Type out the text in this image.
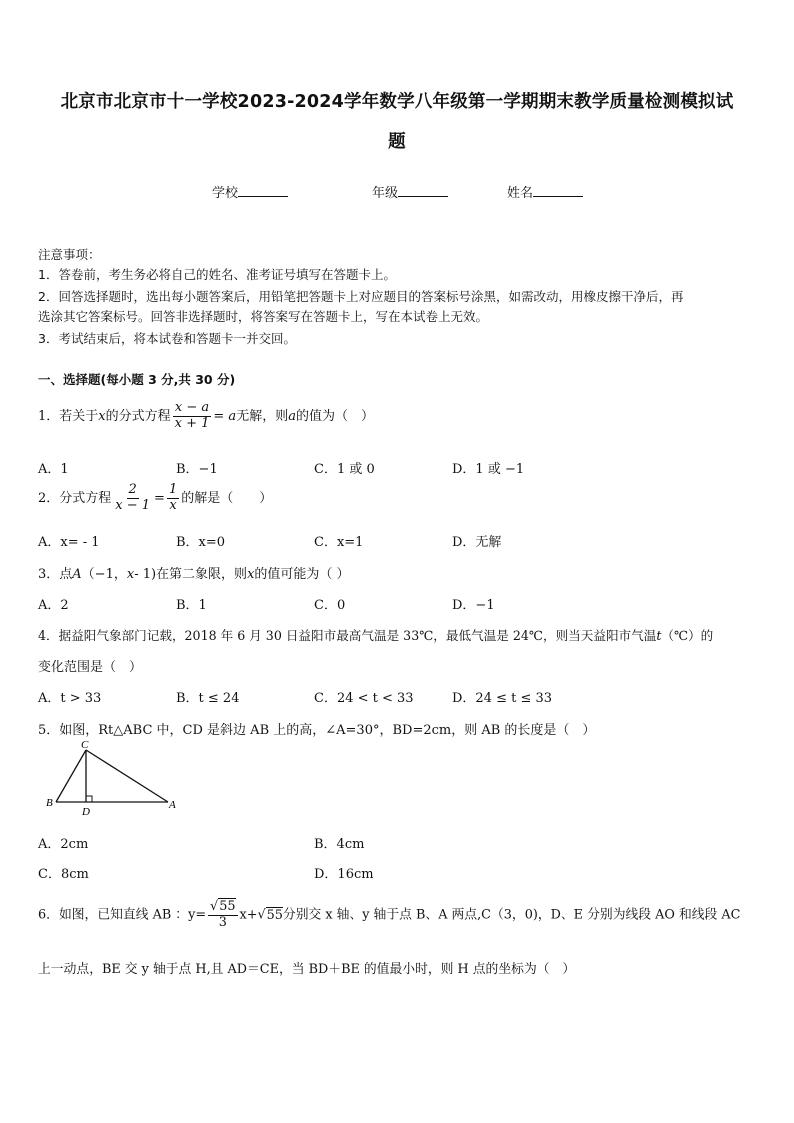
北京市北京市十一学校2023-2024学年数学八年级第一学期期末教学质量检测模拟试
题
学校	年级	姓名
注意事项：
1．答卷前，考生务必将自己的姓名、准考证号填写在答题卡上。
2．回答选择题时，选出每小题答案后，用铅笔把答题卡上对应题目的答案标号涂黑，如需改动，用橡皮擦干净后，再
选涂其它答案标号。回答非选择题时，将答案写在答题卡上，写在本试卷上无效。
3．考试结束后，将本试卷和答题卡一并交回。
一、选择题(每小题 3 分,共 30 分)
1．若关于x的分式方程 $\frac{x - a}{x + 1} = a$无解，则a的值为（　）
A．1	B．−1	C．1 或 0	D．1 或 −1
2．分式方程 $\frac{2}{x - 1} = \frac{1}{x}$ 的解是（　　）
A．x= - 1	B．x=0	C．x=1	D．无解
3．点A（−1，x- 1)在第二象限，则x的值可能为（ ）
A．2	B．1	C．0	D．−1
4．据益阳气象部门记载，2018 年 6 月 30 日益阳市最高气温是 33℃，最低气温是 24℃，则当天益阳市气温t（℃）的
变化范围是（　）
A．t > 33	B．t ≤ 24	C．24 < t < 33	D．24 ≤ t ≤ 33
5．如图，Rt△ABC 中，CD 是斜边 AB 上的高，∠A=30°，BD=2cm，则 AB 的长度是（　）
C
B
D
A
A．2cm	B．4cm
C．8cm	D．16cm
6．如图，已知直线 AB ：$y= \frac{√55}{3} x+√55$分别交 x 轴、y 轴于点 B、A 两点,C（3，0)，D、E 分别为线段 AO 和线段 AC
上一动点，BE 交 y 轴于点 H,且 AD＝CE，当 BD＋BE 的值最小时，则 H 点的坐标为（　）
